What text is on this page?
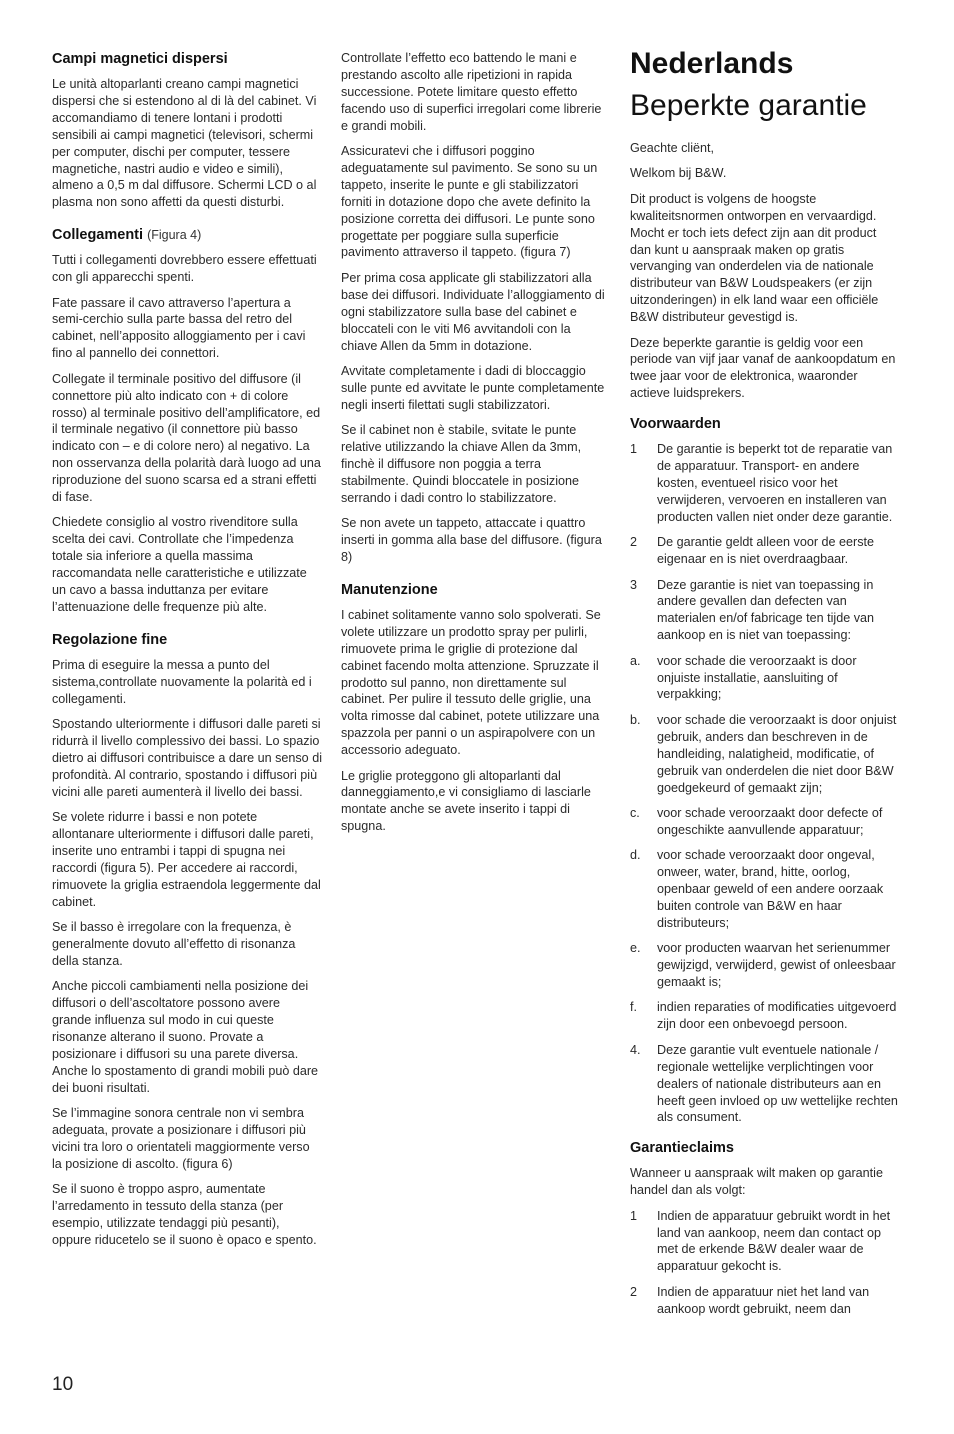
Campi magnetici dispersi

Le unità altoparlanti creano campi magnetici dispersi che si estendono al di là del cabinet. Vi accomandiamo di tenere lontani i prodotti sensibili ai campi magnetici (televisori, schermi per computer, dischi per computer, tessere magnetiche, nastri audio e video e simili), almeno a 0,5 m dal diffusore. Schermi LCD o al plasma non sono affetti da questi disturbi.

Collegamenti (Figura 4)

Tutti i collegamenti dovrebbero essere effettuati con gli apparecchi spenti.

Fate passare il cavo attraverso l’apertura a semi-cerchio sulla parte bassa del retro del cabinet, nell’apposito alloggiamento per i cavi fino al pannello dei connettori.

Collegate il terminale positivo del diffusore (il connettore più alto indicato con + di colore rosso) al terminale positivo dell’amplificatore, ed il terminale negativo (il connettore più basso indicato con – e di colore nero) al negativo. La non osservanza della polarità darà luogo ad una riproduzione del suono scarsa ed a strani effetti di fase.

Chiedete consiglio al vostro rivenditore sulla scelta dei cavi. Controllate che l’impedenza totale sia inferiore a quella massima raccomandata nelle caratteristiche e utilizzate un cavo a bassa induttanza per evitare l’attenuazione delle frequenze più alte.

Regolazione fine

Prima di eseguire la messa a punto del sistema,controllate nuovamente la polarità ed i collegamenti.

Spostando ulteriormente i diffusori dalle pareti si ridurrà il livello complessivo dei bassi. Lo spazio dietro ai diffusori contribuisce a dare un senso di profondità. Al contrario, spostando i diffusori più vicini alle pareti aumenterà il livello dei bassi.

Se volete ridurre i bassi e non potete allontanare ulteriormente i diffusori dalle pareti, inserite uno entrambi i tappi di spugna nei raccordi (figura 5). Per accedere ai raccordi, rimuovete la griglia estraendola leggermente dal cabinet.

Se il basso è irregolare con la frequenza, è generalmente dovuto all’effetto di risonanza della stanza.

Anche piccoli cambiamenti nella posizione dei diffusori o dell’ascoltatore possono avere grande influenza sul modo in cui queste risonanze alterano il suono. Provate a posizionare i diffusori su una parete diversa. Anche lo spostamento di grandi mobili può dare dei buoni risultati.

Se l’immagine sonora centrale non vi sembra adeguata, provate a posizionare i diffusori più vicini tra loro o orientateli maggiormente verso la posizione di ascolto. (figura 6)

Se il suono è troppo aspro, aumentate l’arredamento in tessuto della stanza (per esempio, utilizzate tendaggi più pesanti), oppure riducetelo se il suono è opaco e spento.

Controllate l’effetto eco battendo le mani e prestando ascolto alle ripetizioni in rapida successione. Potete limitare questo effetto facendo uso di superfici irregolari come librerie e grandi mobili.

Assicuratevi che i diffusori poggino adeguatamente sul pavimento. Se sono su un tappeto, inserite le punte e gli stabilizzatori forniti in dotazione dopo che avete definito la posizione corretta dei diffusori. Le punte sono progettate per poggiare sulla superficie pavimento attraverso il tappeto. (figura 7)

Per prima cosa applicate gli stabilizzatori alla base dei diffusori. Individuate l’alloggiamento di ogni stabilizzatore sulla base del cabinet e bloccateli con le viti M6 avvitandoli con la chiave Allen da 5mm in dotazione.

Avvitate completamente i dadi di bloccaggio sulle punte ed avvitate le punte completamente negli inserti filettati sugli stabilizzatori.

Se il cabinet non è stabile, svitate le punte relative utilizzando la chiave Allen da 3mm, finchè il diffusore non poggia a terra stabilmente. Quindi bloccatele in posizione serrando i dadi contro lo stabilizzatore.

Se non avete un tappeto, attaccate i quattro inserti in gomma alla base del diffusore. (figura 8)

Manutenzione

I cabinet solitamente vanno solo spolverati. Se volete utilizzare un prodotto spray per pulirli, rimuovete prima le griglie di protezione dal cabinet facendo molta attenzione. Spruzzate il prodotto sul panno, non direttamente sul cabinet. Per pulire il tessuto delle griglie, una volta rimosse dal cabinet, potete utilizzare una spazzola per panni o un aspirapolvere con un accessorio adeguato.

Le griglie proteggono gli altoparlanti dal danneggiamento,e vi consigliamo di lasciarle montate anche se avete inserito i tappi di spugna.

Nederlands
Beperkte garantie

Geachte cliënt,

Welkom bij B&W.

Dit product is volgens de hoogste kwaliteitsnormen ontworpen en vervaardigd. Mocht er toch iets defect zijn aan dit product dan kunt u aanspraak maken op gratis vervanging van onderdelen via de nationale distributeur van B&W Loudspeakers (er zijn uitzonderingen) in elk land waar een officiële B&W distributeur gevestigd is.

Deze beperkte garantie is geldig voor een periode van vijf jaar vanaf de aankoopdatum en twee jaar voor de elektronica, waaronder actieve luidsprekers.

Voorwaarden
1	De garantie is beperkt tot de reparatie van de apparatuur. Transport- en andere kosten, eventueel risico voor het verwijderen, vervoeren en installeren van producten vallen niet onder deze garantie.
2	De garantie geldt alleen voor de eerste eigenaar en is niet overdraagbaar.
3	Deze garantie is niet van toepassing in andere gevallen dan defecten van materialen en/of fabricage ten tijde van aankoop en is niet van toepassing:
a.	voor schade die veroorzaakt is door onjuiste installatie, aansluiting of verpakking;
b.	voor schade die veroorzaakt is door onjuist gebruik, anders dan beschreven in de handleiding, nalatigheid, modificatie, of gebruik van onderdelen die niet door B&W goedgekeurd of gemaakt zijn;
c.	voor schade veroorzaakt door defecte of ongeschikte aanvullende apparatuur;
d.	voor schade veroorzaakt door ongeval, onweer, water, brand, hitte, oorlog, openbaar geweld of een andere oorzaak buiten controle van B&W en haar distributeurs;
e.	voor producten waarvan het serienummer gewijzigd, verwijderd, gewist of onleesbaar gemaakt is;
f.	indien reparaties of modificaties uitgevoerd zijn door een onbevoegd persoon.
4.	Deze garantie vult eventuele nationale / regionale wettelijke verplichtingen voor dealers of nationale distributeurs aan en heeft geen invloed op uw wettelijke rechten als consument.
Garantieclaims

Wanneer u aanspraak wilt maken op garantie handel dan als volgt:

1	Indien de apparatuur gebruikt wordt in het land van aankoop, neem dan contact op met de erkende B&W dealer waar de apparatuur gekocht is.
2	Indien de apparatuur niet het land van aankoop wordt gebruikt, neem dan
10
